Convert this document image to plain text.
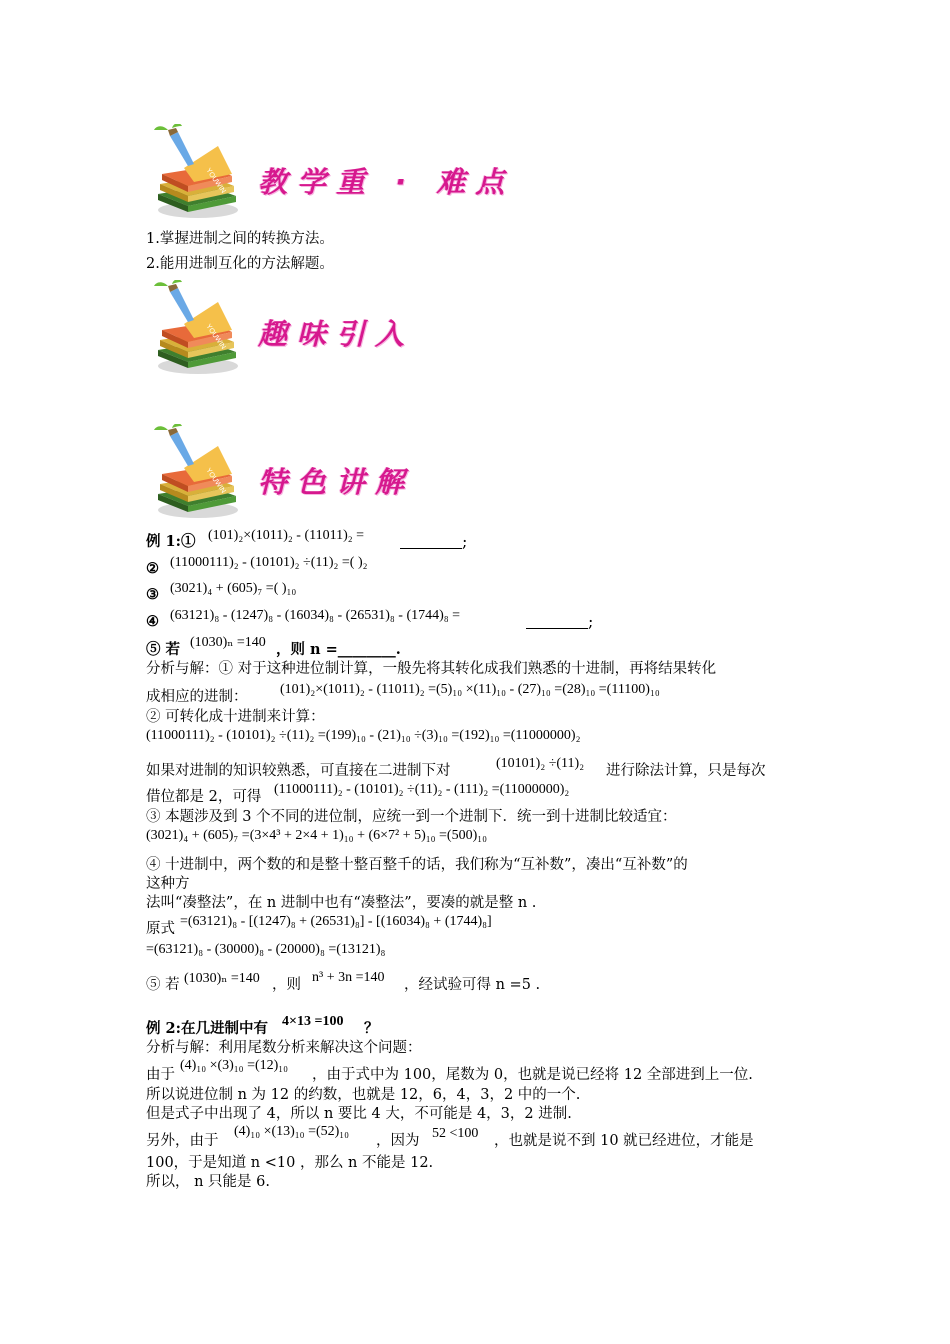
教学重 · 难点
1.掌握进制之间的转换方法。
2.能用进制互化的方法解题。
趣味引入
特色讲解
例 1:① (101)₂×(1011)₂ - (11011)₂ =	;
② (11000111)₂ - (10101)₂ ÷(11)₂ =( )₂
③ (3021)₄ + (605)₇ =( )₁₀
④ (63121)₈ - (1247)₈ - (16034)₈ - (26531)₈ - (1744)₈ =	;
⑤ 若 (1030)ₙ =140 ，则 n =________.
分析与解：① 对于这种进位制计算，一般先将其转化成我们熟悉的十进制，再将结果转化
成相应的进制： (101)₂×(1011)₂ - (11011)₂ =(5)₁₀ ×(11)₁₀ - (27)₁₀ =(28)₁₀ =(11100)₁₀
② 可转化成十进制来计算：
(11000111)₂ - (10101)₂ ÷(11)₂ =(199)₁₀ - (21)₁₀ ÷(3)₁₀ =(192)₁₀ =(11000000)₂
如果对进制的知识较熟悉，可直接在二进制下对	(10101)₂ ÷(11)₂ 进行除法计算，只是每次
借位都是 2，可得 (11000111)₂ - (10101)₂ ÷(11)₂ - (111)₂ =(11000000)₂
③ 本题涉及到 3 个不同的进位制，应统一到一个进制下．统一到十进制比较适宜：
(3021)₄ + (605)₇ =(3×4³ + 2×4 + 1)₁₀ + (6×7² + 5)₁₀ =(500)₁₀
④ 十进制中，两个数的和是整十整百整千的话，我们称为“互补数”，凑出“互补数”的
这种方
法叫“凑整法”，在 n 进制中也有“凑整法”，要凑的就是整 n .
原式 =(63121)₈ - [(1247)₈ + (26531)₈] - [(16034)₈ + (1744)₈]
=(63121)₈ - (30000)₈ - (20000)₈ =(13121)₈
⑤ 若 (1030)ₙ =140 ，则 n³ + 3n =140 ，经试验可得 n =5 .
例 2:在几进制中有 4×13 =100 ？
分析与解：利用尾数分析来解决这个问题：
由于
(4)₁₀ ×(3)₁₀ =(12)₁₀
，由于式中为 100，尾数为 0，也就是说已经将 12 全部进到上一位.
所以说进位制 n 为 12 的约数，也就是 12，6，4，3，2 中的一个.
但是式子中出现了 4，所以 n 要比 4 大，不可能是 4，3，2 进制.
另外，由于
(4)₁₀ ×(13)₁₀ =(52)₁₀
，因为 52 <100 ，也就是说不到 10 就已经进位，才能是
100，于是知道 n <10 ，那么 n 不能是 12.
所以， n 只能是 6.
